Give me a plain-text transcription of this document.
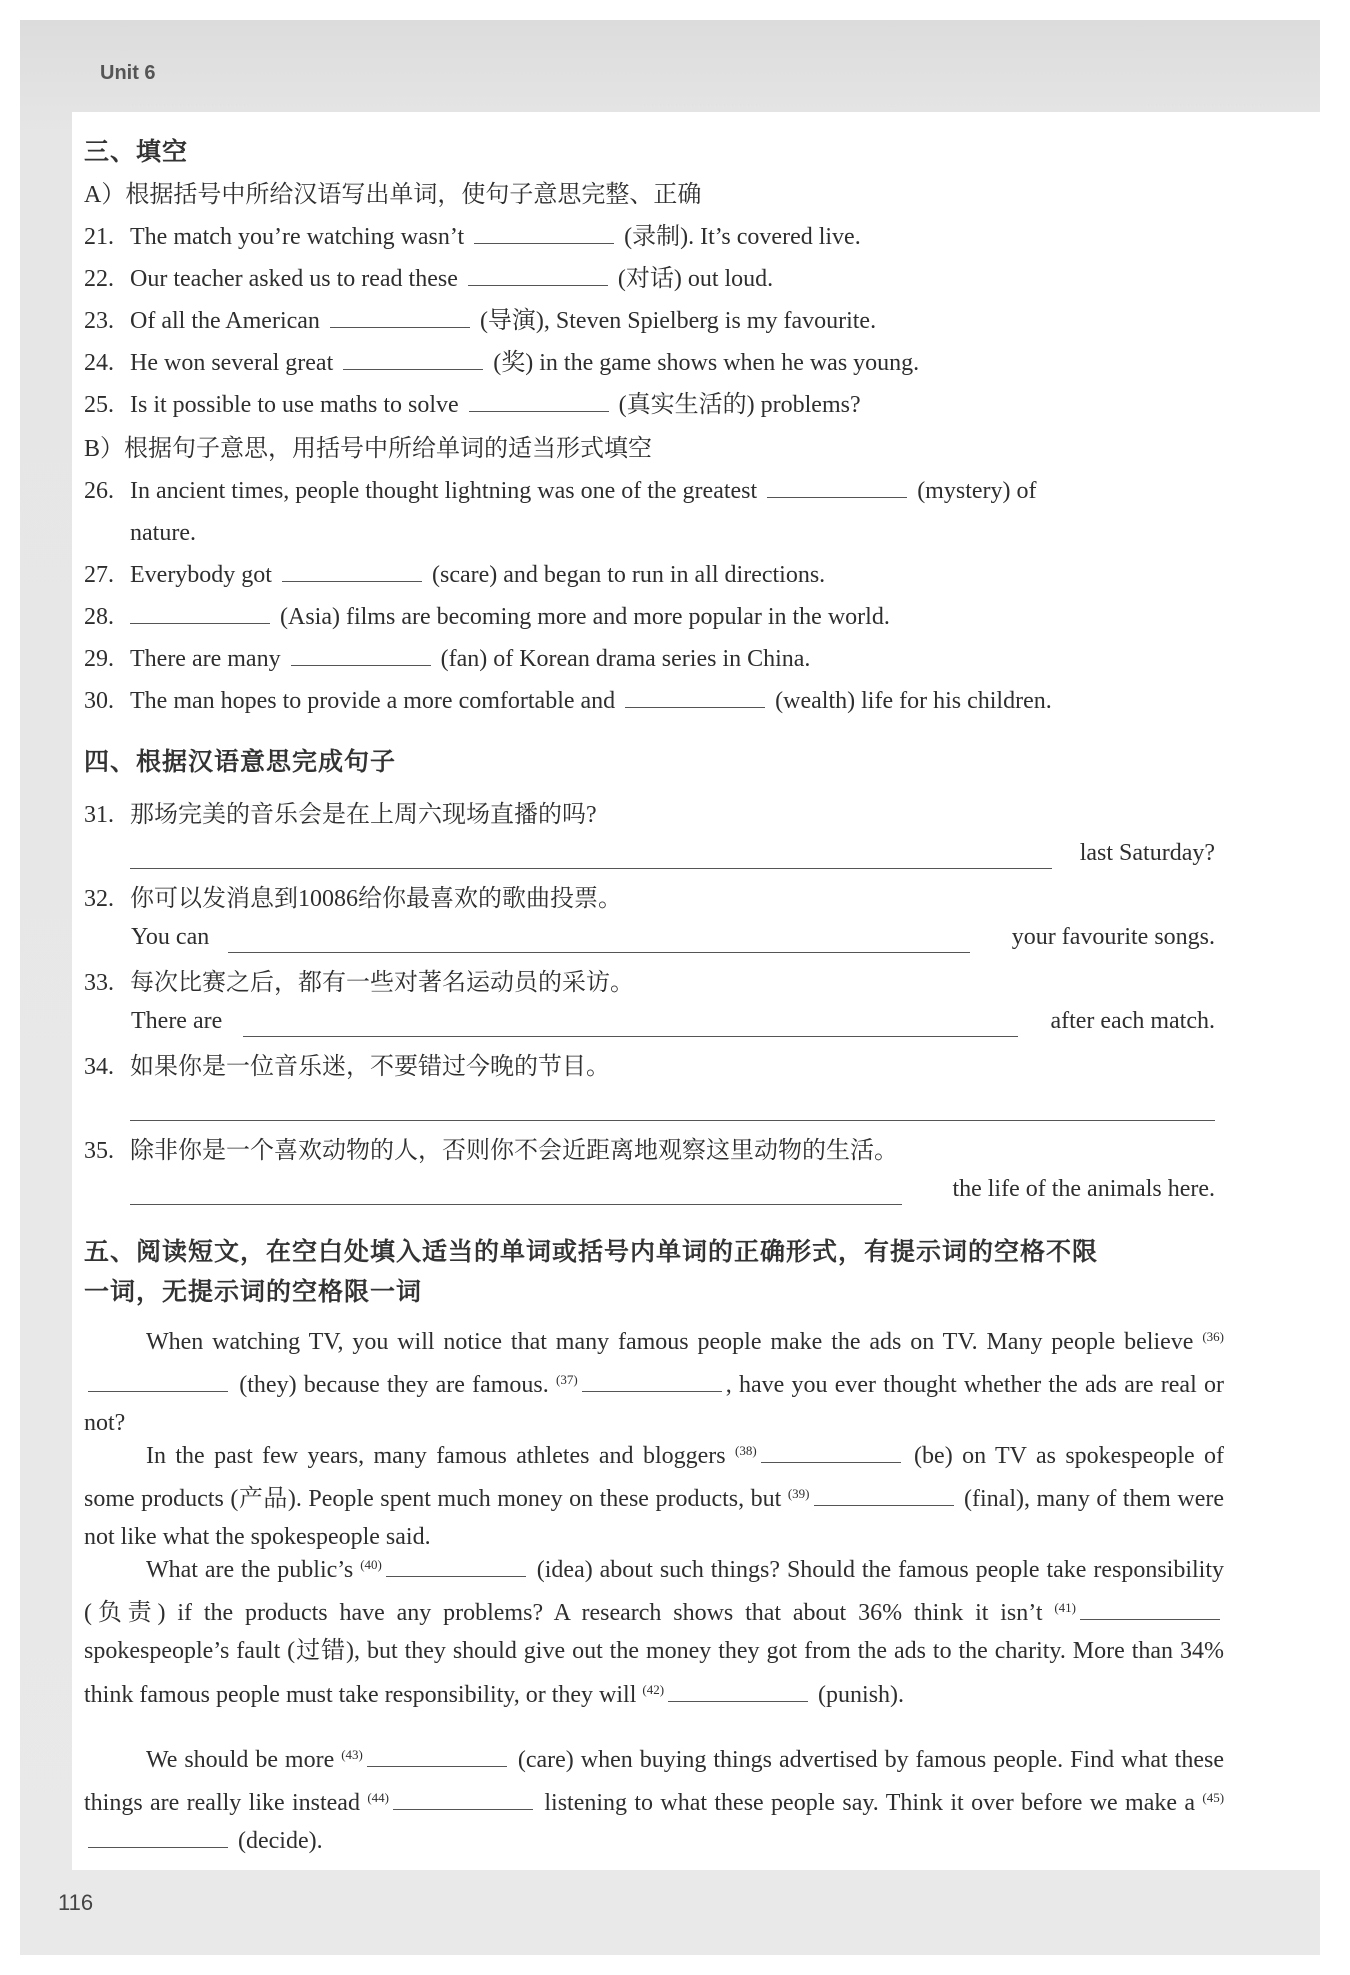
Unit 6
116
三、填空
A）根据括号中所给汉语写出单词，使句子意思完整、正确
21. The match you’re watching wasn’t	(录制). It’s covered live.
22. Our teacher asked us to read these	(对话) out loud.
23. Of all the American	(导演), Steven Spielberg is my favourite.
24. He won several great	(奖) in the game shows when he was young.
25. Is it possible to use maths to solve	(真实生活的) problems?
B）根据句子意思，用括号中所给单词的适当形式填空
26. In ancient times, people thought lightning was one of the greatest	(mystery) of
nature.
27. Everybody got	(scare) and began to run in all directions.
28.	(Asia) films are becoming more and more popular in the world.
29. There are many	(fan) of Korean drama series in China.
30. The man hopes to provide a more comfortable and	(wealth) life for his children.
四、根据汉语意思完成句子
31. 那场完美的音乐会是在上周六现场直播的吗?
last Saturday?
32. 你可以发消息到10086给你最喜欢的歌曲投票。
You can	your favourite songs.
33. 每次比赛之后，都有一些对著名运动员的采访。
There are	after each match.
34. 如果你是一位音乐迷，不要错过今晚的节目。
35. 除非你是一个喜欢动物的人，否则你不会近距离地观察这里动物的生活。
the life of the animals here.
五、阅读短文，在空白处填入适当的单词或括号内单词的正确形式，有提示词的空格不限
一词，无提示词的空格限一词
When watching TV, you will notice that many famous people make the ads on TV. Many people believe $^{(36)}$ (they) because they are famous. $^{(37)}$	, have you ever thought whether the ads are real or not?
In the past few years, many famous athletes and bloggers $^{(38)}$	(be) on TV as spokespeople of some products (产品). People spent much money on these products, but $^{(39)}$	(final), many of them were not like what the spokespeople said.
What are the public’s $^{(40)}$	(idea) about such things? Should the famous people take responsibility (负责) if the products have any problems? A research shows that about 36% think it isn’t $^{(41)}$ spokespeople’s fault (过错), but they should give out the money they got from the ads to the charity. More than 34% think famous people must take responsibility, or they will $^{(42)}$	(punish).
We should be more $^{(43)}$	(care) when buying things advertised by famous people. Find what these things are really like instead $^{(44)}$	listening to what these people say. Think it over before we make a $^{(45)}$ (decide).
